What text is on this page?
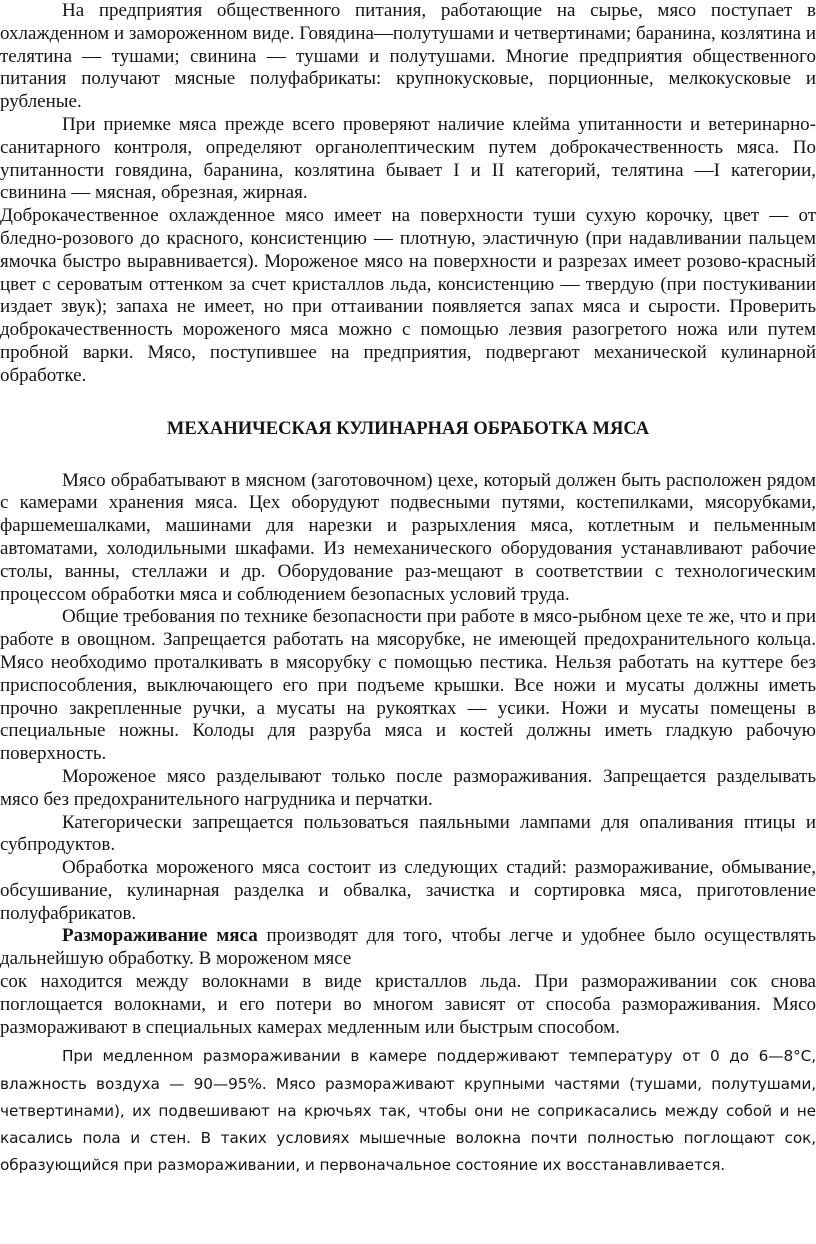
На предприятия общественного питания, работающие на сырье, мясо поступает в охлажденном и замороженном виде. Говядина—полутушами и четвертинами; баранина, козлятина и телятина — тушами; свинина — тушами и полутушами. Многие предприятия общественного питания получают мясные полуфабрикаты: крупнокусковые, порционные, мелкокусковые и рубленые.

При приемке мяса прежде всего проверяют наличие клейма упитанности и ветеринарно-санитарного контроля, определяют органолептическим путем доброкачественность мяса. По упитанности говядина, баранина, козлятина бывает I и II категорий, телятина —I категории, свинина — мясная, обрезная, жирная.

Доброкачественное охлажденное мясо имеет на поверхности туши сухую корочку, цвет — от бледно-розового до красного, консистенцию — плотную, эластичную (при надавливании пальцем ямочка быстро выравнивается). Мороженое мясо на поверхности и разрезах имеет розово-красный цвет с сероватым оттенком за счет кристаллов льда, консистенцию — твердую (при постукивании издает звук); запаха не имеет, но при оттаивании появляется запах мяса и сырости. Проверить доброкачественность мороженого мяса можно с помощью лезвия разогретого ножа или путем пробной варки. Мясо, поступившее на предприятия, подвергают механической кулинарной обработке.

МЕХАНИЧЕСКАЯ КУЛИНАРНАЯ ОБРАБОТКА МЯСА

Мясо обрабатывают в мясном (заготовочном) цехе, который должен быть расположен рядом с камерами хранения мяса. Цех оборудуют подвесными путями, костепилками, мясорубками, фаршемешалками, машинами для нарезки и разрыхления мяса, котлетным и пельменным автоматами, холодильными шкафами. Из немеханического оборудования устанавливают рабочие столы, ванны, стеллажи и др. Оборудование раз-мещают в соответствии с технологическим процессом обработки мяса и соблюдением безопасных условий труда.

Общие требования по технике безопасности при работе в мясо-рыбном цехе те же, что и при работе в овощном. Запрещается работать на мясорубке, не имеющей предохранительного кольца. Мясо необходимо проталкивать в мясорубку с помощью пестика. Нельзя работать на куттере без приспособления, выключающего его при подъеме крышки. Все ножи и мусаты должны иметь прочно закрепленные ручки, а мусаты на рукоятках — усики. Ножи и мусаты помещены в специальные ножны. Колоды для разруба мяса и костей должны иметь гладкую рабочую поверхность.

Мороженое мясо разделывают только после размораживания. Запрещается разделывать мясо без предохранительного нагрудника и перчатки.

Категорически запрещается пользоваться паяльными лампами для опаливания птицы и субпродуктов.

Обработка мороженого мяса состоит из следующих стадий: размораживание, обмывание, обсушивание, кулинарная разделка и обвалка, зачистка и сортировка мяса, приготовление полуфабрикатов.

Размораживание мяса производят для того, чтобы легче и удобнее было осуществлять дальнейшую обработку. В мороженом мясе

сок находится между волокнами в виде кристаллов льда. При размораживании сок снова поглощается волокнами, и его потери во многом зависят от способа размораживания. Мясо размораживают в специальных камерах медленным или быстрым способом.

При медленном размораживании в камере поддерживают температуру от 0 до 6—8°С, влажность воздуха — 90—95%. Мясо размораживают крупными частями (тушами, полутушами, четвертинами), их подвешивают на крючьях так, чтобы они не соприкасались между собой и не касались пола и стен. В таких условиях мышечные волокна почти полностью поглощают сок, образующийся при размораживании, и первоначальное состояние их восстанавливается.
